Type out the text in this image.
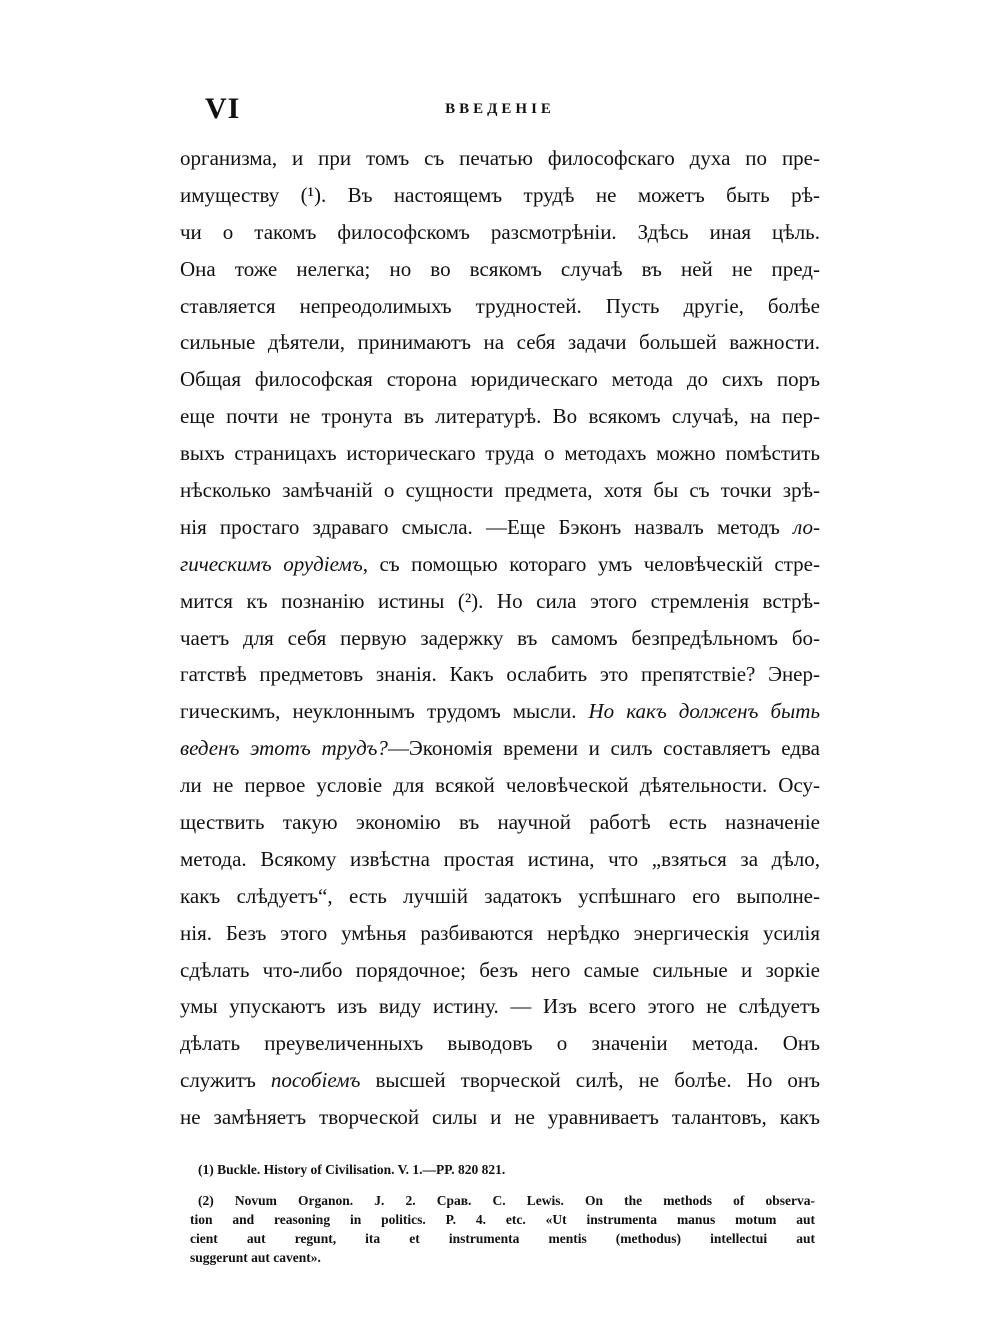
VI	ВВЕДЕНІЕ
организма, и при томъ съ печатью философскаго духа по пре-
имуществу (¹). Въ настоящемъ трудѣ не можетъ быть рѣ-
чи о такомъ философскомъ разсмотрѣніи. Здѣсь иная цѣль.
Она тоже нелегка; но во всякомъ случаѣ въ ней не пред-
ставляется непреодолимыхъ трудностей. Пусть другіе, болѣе
сильные дѣятели, принимаютъ на себя задачи большей важности.
Общая философская сторона юридическаго метода до сихъ поръ
еще почти не тронута въ литературѣ. Во всякомъ случаѣ, на пер-
выхъ страницахъ историческаго труда о методахъ можно помѣстить
нѣсколько замѣчаній о сущности предмета, хотя бы съ точки зрѣ-
нія простаго здраваго смысла. —Еще Бэконъ назвалъ методъ ло-
гическимъ орудіемъ, съ помощью котораго умъ человѣческій стре-
мится къ познанію истины (²). Но сила этого стремленія встрѣ-
чаетъ для себя первую задержку въ самомъ безпредѣльномъ бо-
гатствѣ предметовъ знанія. Какъ ослабить это препятствіе? Энер-
гическимъ, неуклоннымъ трудомъ мысли. Но какъ долженъ быть
веденъ этотъ трудъ?—Экономія времени и силъ составляетъ едва
ли не первое условіе для всякой человѣческой дѣятельности. Осу-
ществить такую экономію въ научной работѣ есть назначеніе
метода. Всякому извѣстна простая истина, что „взяться за дѣло,
какъ слѣдуетъ“, есть лучшій задатокъ успѣшнаго его выполне-
нія. Безъ этого умѣнья разбиваются нерѣдко энергическія усилія
сдѣлать что-либо порядочное; безъ него самые сильные и зоркіе
умы упускаютъ изъ виду истину. — Изъ всего этого не слѣдуетъ
дѣлать преувеличенныхъ выводовъ о значеніи метода. Онъ
служитъ пособіемъ высшей творческой силѣ, не болѣе. Но онъ
не замѣняетъ творческой силы и не уравниваетъ талантовъ, какъ
(1) Buckle. History of Civilisation. V. 1.—PP. 820 821.
(2) Novum Organon. J. 2. Срав. C. Lewis. On the methods of observa-
tion and reasoning in politics. P. 4. etc. «Ut instrumenta manus motum aut
cient aut regunt, ita et instrumenta mentis (methodus) intellectui aut
suggerunt aut cavent».
